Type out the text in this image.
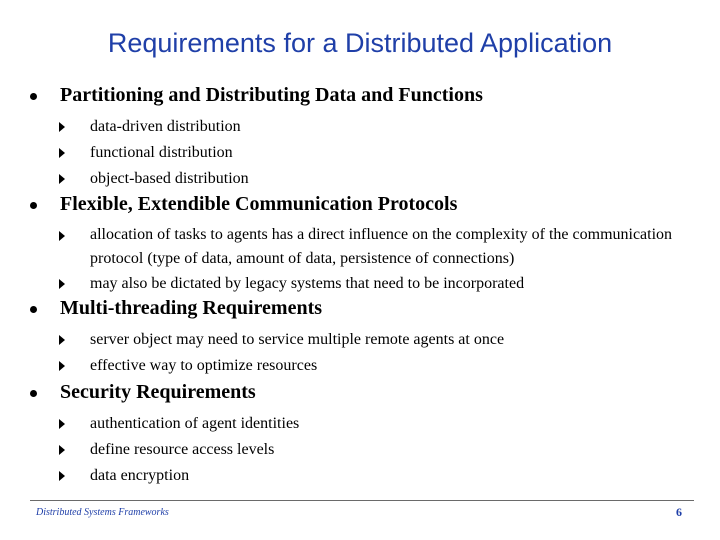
Requirements for a Distributed Application
Partitioning and Distributing Data and Functions
data-driven distribution
functional distribution
object-based distribution
Flexible, Extendible Communication Protocols
allocation of tasks to agents has a direct influence on the complexity of the communication protocol (type of data, amount of data, persistence of connections)
may also be dictated by legacy systems that need to be incorporated
Multi-threading Requirements
server object may need to service multiple remote agents at once
effective way to optimize resources
Security Requirements
authentication of agent identities
define resource access levels
data encryption
Distributed Systems Frameworks	6
